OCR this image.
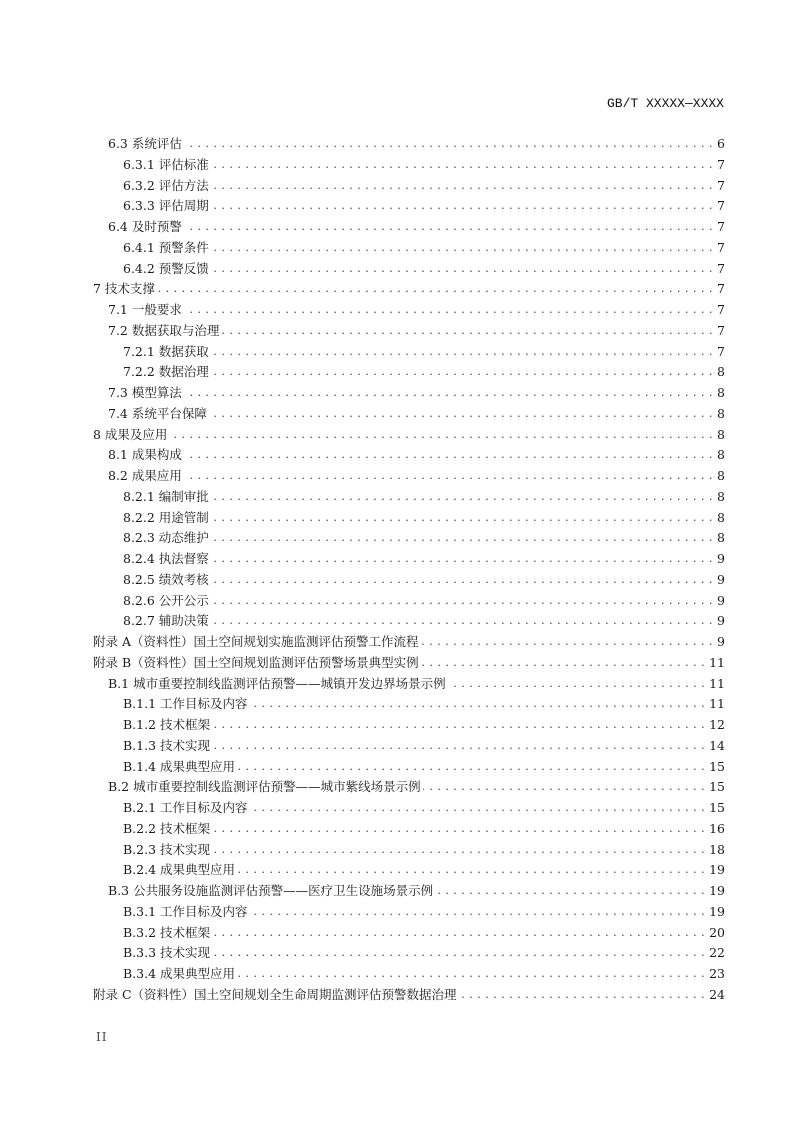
GB/T XXXXX—XXXX
6.3 系统评估 . . .	6
6.3.1 评估标准 . . .	7
6.3.2 评估方法 . . .	7
6.3.3 评估周期 . . .	7
6.4 及时预警 . . .	7
6.4.1 预警条件 . . .	7
6.4.2 预警反馈 . . .	7
7 技术支撑 . . .	7
7.1 一般要求 . . .	7
7.2 数据获取与治理 . . .	7
7.2.1 数据获取 . . .	7
7.2.2 数据治理 . . .	8
7.3 模型算法 . . .	8
7.4 系统平台保障 . . .	8
8 成果及应用 . . .	8
8.1 成果构成 . . .	8
8.2 成果应用 . . .	8
8.2.1 编制审批 . . .	8
8.2.2 用途管制 . . .	8
8.2.3 动态维护 . . .	8
8.2.4 执法督察 . . .	9
8.2.5 绩效考核 . . .	9
8.2.6 公开公示 . . .	9
8.2.7 辅助决策 . . .	9
附录 A（资料性）国土空间规划实施监测评估预警工作流程 . . .	9
附录 B（资料性）国土空间规划监测评估预警场景典型实例 . . .	11
B.1 城市重要控制线监测评估预警——城镇开发边界场景示例 . . .	11
B.1.1 工作目标及内容 . . .	11
B.1.2 技术框架 . . .	12
B.1.3 技术实现 . . .	14
B.1.4 成果典型应用 . . .	15
B.2 城市重要控制线监测评估预警——城市紫线场景示例 . . .	15
B.2.1 工作目标及内容 . . .	15
B.2.2 技术框架 . . .	16
B.2.3 技术实现 . . .	18
B.2.4 成果典型应用 . . .	19
B.3 公共服务设施监测评估预警——医疗卫生设施场景示例 . . .	19
B.3.1 工作目标及内容 . . .	19
B.3.2 技术框架 . . .	20
B.3.3 技术实现 . . .	22
B.3.4 成果典型应用 . . .	23
附录 C（资料性）国土空间规划全生命周期监测评估预警数据治理 . . .	24
II
